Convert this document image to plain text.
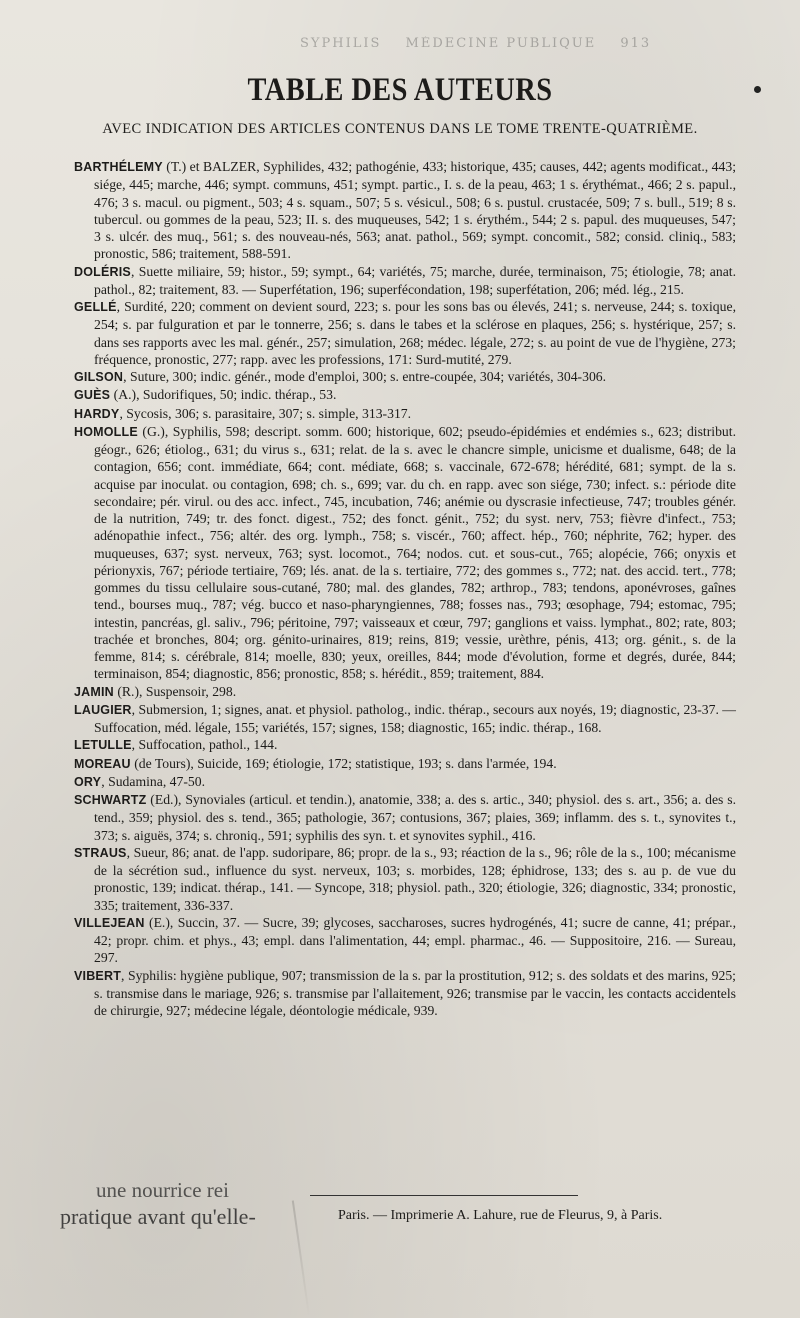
SYPHILIS MÉDECINE PUBLIQUE 913
TABLE DES AUTEURS
AVEC INDICATION DES ARTICLES CONTENUS DANS LE TOME TRENTE-QUATRIÈME.

BARTHÉLEMY (T.) et BALZER, Syphilides, 432; pathogénie, 433; historique, 435; causes, 442; agents modificat., 443; siége, 445; marche, 446; sympt. communs, 451; sympt. partic., I. s. de la peau, 463; 1 s. érythémat., 466; 2 s. papul., 476; 3 s. macul. ou pigment., 503; 4 s. squam., 507; 5 s. vésicul., 508; 6 s. pustul. crustacée, 509; 7 s. bull., 519; 8 s. tubercul. ou gommes de la peau, 523; II. s. des muqueuses, 542; 1 s. érythém., 544; 2 s. papul. des muqueuses, 547; 3 s. ulcér. des muq., 561; s. des nouveau-nés, 563; anat. pathol., 569; sympt. concomit., 582; consid. cliniq., 583; pronostic, 586; traitement, 588-591.

DOLÉRIS, Suette miliaire, 59; histor., 59; sympt., 64; variétés, 75; marche, durée, terminaison, 75; étiologie, 78; anat. pathol., 82; traitement, 83. — Superfétation, 196; superfécondation, 198; superfétation, 206; méd. lég., 215.

GELLÉ, Surdité, 220; comment on devient sourd, 223; s. pour les sons bas ou élevés, 241; s. nerveuse, 244; s. toxique, 254; s. par fulguration et par le tonnerre, 256; s. dans le tabes et la sclérose en plaques, 256; s. hystérique, 257; s. dans ses rapports avec les mal. génér., 257; simulation, 268; médec. légale, 272; s. au point de vue de l'hygiène, 273; fréquence, pronostic, 277; rapp. avec les professions, 171: Surd-mutité, 279.

GILSON, Suture, 300; indic. génér., mode d'emploi, 300; s. entre-coupée, 304; variétés, 304-306.

GUÈS (A.), Sudorifiques, 50; indic. thérap., 53.

HARDY, Sycosis, 306; s. parasitaire, 307; s. simple, 313-317.

HOMOLLE (G.), Syphilis, 598; descript. somm. 600; historique, 602; pseudo-épidémies et endémies s., 623; distribut. géogr., 626; étiolog., 631; du virus s., 631; relat. de la s. avec le chancre simple, unicisme et dualisme, 648; de la contagion, 656; cont. immédiate, 664; cont. médiate, 668; s. vaccinale, 672-678; hérédité, 681; sympt. de la s. acquise par inoculat. ou contagion, 698; ch. s., 699; var. du ch. en rapp. avec son siége, 730; infect. s.: période dite secondaire; pér. virul. ou des acc. infect., 745, incubation, 746; anémie ou dyscrasie infectieuse, 747; troubles génér. de la nutrition, 749; tr. des fonct. digest., 752; des fonct. génit., 752; du syst. nerv, 753; fièvre d'infect., 753; adénopathie infect., 756; altér. des org. lymph., 758; s. viscér., 760; affect. hép., 760; néphrite, 762; hyper. des muqueuses, 637; syst. nerveux, 763; syst. locomot., 764; nodos. cut. et sous-cut., 765; alopécie, 766; onyxis et périonyxis, 767; période tertiaire, 769; lés. anat. de la s. tertiaire, 772; des gommes s., 772; nat. des accid. tert., 778; gommes du tissu cellulaire sous-cutané, 780; mal. des glandes, 782; arthrop., 783; tendons, aponévroses, gaînes tend., bourses muq., 787; vég. bucco et naso-pharyngiennes, 788; fosses nas., 793; œsophage, 794; estomac, 795; intestin, pancréas, gl. saliv., 796; péritoine, 797; vaisseaux et cœur, 797; ganglions et vaiss. lymphat., 802; rate, 803; trachée et bronches, 804; org. génito-urinaires, 819; reins, 819; vessie, urèthre, pénis, 413; org. génit., s. de la femme, 814; s. cérébrale, 814; moelle, 830; yeux, oreilles, 844; mode d'évolution, forme et degrés, durée, 844; terminaison, 854; diagnostic, 856; pronostic, 858; s. hérédit., 859; traitement, 884.

JAMIN (R.), Suspensoir, 298.

LAUGIER, Submersion, 1; signes, anat. et physiol. patholog., indic. thérap., secours aux noyés, 19; diagnostic, 23-37. — Suffocation, méd. légale, 155; variétés, 157; signes, 158; diagnostic, 165; indic. thérap., 168.

LETULLE, Suffocation, pathol., 144.

MOREAU (de Tours), Suicide, 169; étiologie, 172; statistique, 193; s. dans l'armée, 194.

ORY, Sudamina, 47-50.

SCHWARTZ (Ed.), Synoviales (articul. et tendin.), anatomie, 338; a. des s. artic., 340; physiol. des s. art., 356; a. des s. tend., 359; physiol. des s. tend., 365; pathologie, 367; contusions, 367; plaies, 369; inflamm. des s. t., synovites t., 373; s. aiguës, 374; s. chroniq., 591; syphilis des syn. t. et synovites syphil., 416.

STRAUS, Sueur, 86; anat. de l'app. sudoripare, 86; propr. de la s., 93; réaction de la s., 96; rôle de la s., 100; mécanisme de la sécrétion sud., influence du syst. nerveux, 103; s. morbides, 128; éphidrose, 133; des s. au p. de vue du pronostic, 139; indicat. thérap., 141. — Syncope, 318; physiol. path., 320; étiologie, 326; diagnostic, 334; pronostic, 335; traitement, 336-337.

VILLEJEAN (E.), Succin, 37. — Sucre, 39; glycoses, saccharoses, sucres hydrogénés, 41; sucre de canne, 41; prépar., 42; propr. chim. et phys., 43; empl. dans l'alimentation, 44; empl. pharmac., 46. — Suppositoire, 216. — Sureau, 297.

VIBERT, Syphilis: hygiène publique, 907; transmission de la s. par la prostitution, 912; s. des soldats et des marins, 925; s. transmise dans le mariage, 926; s. transmise par l'allaitement, 926; transmise par le vaccin, les contacts accidentels de chirurgie, 927; médecine légale, déontologie médicale, 939.

une nourrice rei
pratique avant qu'elle-	Paris. — Imprimerie A. Lahure, rue de Fleurus, 9, à Paris.
